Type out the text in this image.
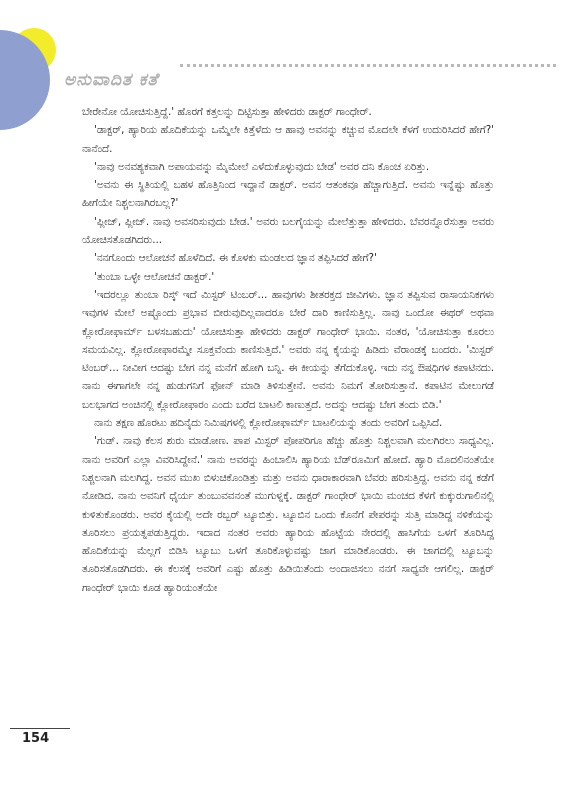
ಅನುವಾದಿತ ಕತೆ

ಬೇರೇನೋ ಯೋಚಿಸುತ್ತಿದ್ದೆ.' ಹೊರಗೆ ಕತ್ತಲನ್ನು ದಿಟ್ಟಿಸುತ್ತಾ ಹೇಳಿದರು ಡಾಕ್ಟರ್ ಗಾಂಧೇರ್.

'ಡಾಕ್ಟರ್, ಹ್ಯಾರಿಯ ಹೊದಿಕೆಯನ್ನು ಒಮ್ಮೆಲೇ ಕಿತ್ತೆಳೆದು ಆ ಹಾವು ಅವನನ್ನು ಕಚ್ಚುವ ಮೊದಲೇ ಕೆಳಗೆ ಉದುರಿಸಿದರೆ ಹೇಗೆ?' ನಾನೆಂದೆ.

'ನಾವು ಅನವಶ್ಯಕವಾಗಿ ಅಪಾಯವನ್ನು ಮೈಮೇಲೆ ಎಳೆದುಕೊಳ್ಳುವುದು ಬೇಡ' ಅವರ ದನಿ ಕೊಂಚ ಏರಿತ್ತು.

'ಅವನು ಈ ಸ್ಥಿತಿಯಲ್ಲಿ ಬಹಳ ಹೊತ್ತಿನಿಂದ ಇದ್ದಾನೆ ಡಾಕ್ಟರ್. ಅವನ ಆತಂಕವೂ ಹೆಚ್ಚಾಗುತ್ತಿದೆ. ಅವನು ಇನ್ನೆಷ್ಟು ಹೊತ್ತು ಹೀಗೆಯೇ ನಿಶ್ಚಲನಾಗಿರಬಲ್ಲ?'

'ಪ್ಲೀಜ್, ಪ್ಲೀಜ್. ನಾವು ಅವಸರಿಸುವುದು ಬೇಡ.' ಅವರು ಬಲಗೈಯನ್ನು ಮೇಲೆತ್ತುತ್ತಾ ಹೇಳಿದರು. ಬೆವರನ್ನೊರೆಸುತ್ತಾ ಅವರು ಯೋಚಿಸತೊಡಗಿದರು...

'ನನಗೊಂದು ಆಲೋಚನೆ ಹೊಳೆದಿದೆ. ಈ ಕೊಳಕು ಮಂಡಲದ ಜ್ಞಾನ ತಪ್ಪಿಸಿದರೆ ಹೇಗೆ?'

'ತುಂಬಾ ಒಳ್ಳೇ ಆಲೋಚನೆ ಡಾಕ್ಟರ್.'

'ಇದರಲ್ಲೂ ತುಂಬಾ ರಿಸ್ಕ್ ಇದೆ ಮಿಸ್ಟರ್ ಟಿಂಬರ್... ಹಾವುಗಳು ಶೀತರಕ್ತದ ಜೀವಿಗಳು. ಜ್ಞಾನ ತಪ್ಪಿಸುವ ರಾಸಾಯನಿಕಗಳು ಇವುಗಳ ಮೇಲೆ ಅಷ್ಟೊಂದು ಪ್ರಭಾವ ಬೀರುವುದಿಲ್ಲವಾದರೂ ಬೇರೆ ದಾರಿ ಕಾಣಿಸುತ್ತಿಲ್ಲ. ನಾವು ಒಂದೋ ಈಥರ್ ಅಥವಾ ಕ್ಲೋರೋಫಾರ್ಮ್ ಬಳಸಬಹುದು' ಯೋಚಿಸುತ್ತಾ ಹೇಳಿದರು ಡಾಕ್ಟರ್ ಗಾಂಧೇರ್ ಭಾಯಿ. ನಂತರ, 'ಯೋಚಿಸುತ್ತಾ ಕೂರಲು ಸಮಯವಿಲ್ಲ. ಕ್ಲೋರೋಫಾರಮ್ಮೇ ಸೂಕ್ತವೆಂದು ಕಾಣಿಸುತ್ತಿದೆ.' ಅವರು ನನ್ನ ಕೈಯನ್ನು ಹಿಡಿದು ವೆರಾಂಡಕ್ಕೆ ಬಂದರು. 'ಮಿಸ್ಟರ್ ಟಿಂಬರ್... ನೀವೀಗ ಆದಷ್ಟು ಬೇಗ ನನ್ನ ಮನೆಗೆ ಹೋಗಿ ಬನ್ನಿ. ಈ ಕೀಯನ್ನು ತೆಗೆದುಕೊಳ್ಳಿ. ಇದು ನನ್ನ ಔಷಧಿಗಳ ಕಪಾಟಿನದು. ನಾನು ಈಗಾಗಲೇ ನನ್ನ ಹುಡುಗನಿಗೆ ಫೋನ್ ಮಾಡಿ ತಿಳಿಸುತ್ತೇನೆ. ಅವನು ನಿಮಗೆ ತೋರಿಸುತ್ತಾನೆ. ಕಪಾಟಿನ ಮೇಲುಗಡೆ ಬಲಭಾಗದ ಅಂಚಿನಲ್ಲಿ ಕ್ಲೋರೋಫಾರಂ ಎಂದು ಬರೆದ ಬಾಟಲಿ ಕಾಣುತ್ತದೆ. ಅದನ್ನು ಆದಷ್ಟು ಬೇಗ ತಂದು ಬಿಡಿ.'

ನಾನು ತಕ್ಷಣ ಹೊರಟು ಹದಿನೈದು ನಿಮಿಷಗಳಲ್ಲಿ ಕ್ಲೋರೋಫಾರ್ಮ್ ಬಾಟಲಿಯನ್ನು ತಂದು ಅವರಿಗೆ ಒಪ್ಪಿಸಿದೆ.

'ಗುಡ್. ನಾವು ಕೆಲಸ ಶುರು ಮಾಡೋಣ. ಪಾಪ ಮಿಸ್ಟರ್ ಪೋಪರಿಗೂ ಹೆಚ್ಚು ಹೊತ್ತು ನಿಶ್ಚಲವಾಗಿ ಮಲಗಿರಲು ಸಾಧ್ಯವಿಲ್ಲ. ನಾನು ಅವರಿಗೆ ಎಲ್ಲಾ ವಿವರಿಸಿದ್ದೇನೆ.' ನಾನು ಅವರನ್ನು ಹಿಂಬಾಲಿಸಿ ಹ್ಯಾರಿಯ ಬೆಡ್‌ರೂಮಿಗೆ ಹೋದೆ. ಹ್ಯಾರಿ ಮೊದಲಿನಂತೆಯೇ ನಿಶ್ಚಲನಾಗಿ ಮಲಗಿದ್ದ. ಅವನ ಮುಖ ಬಿಳುಚಿಕೊಂಡಿತ್ತು ಮತ್ತು ಅವನು ಧಾರಾಕಾರವಾಗಿ ಬೆವರು ಹರಿಸುತ್ತಿದ್ದ. ಅವನು ನನ್ನ ಕಡೆಗೆ ನೋಡಿದ. ನಾನು ಅವನಿಗೆ ಧೈರ್ಯ ತುಂಬುವವನಂತೆ ಮುಗುಳ್ನಕ್ಕೆ. ಡಾಕ್ಟರ್ ಗಾಂಧೇರ್ ಭಾಯಿ ಮಂಚದ ಕೆಳಗೆ ಕುಕ್ಕುರುಗಾಲಿನಲ್ಲಿ ಕುಳಿತುಕೊಂಡರು. ಅವರ ಕೈಯಲ್ಲಿ ಅದೇ ರಬ್ಬರ್ ಟ್ಯೂಬಿತ್ತು. ಟ್ಯೂಬಿನ ಒಂದು ಕೊನೆಗೆ ಪೇಪರನ್ನು ಸುತ್ತಿ ಮಾಡಿದ್ದ ನಳಿಕೆಯನ್ನು ತೂರಿಸಲು ಪ್ರಯತ್ನಪಡುತ್ತಿದ್ದರು. ಇದಾದ ನಂತರ ಅವರು ಹ್ಯಾರಿಯ ಹೊಟ್ಟೆಯ ನೇರದಲ್ಲಿ ಹಾಸಿಗೆಯ ಒಳಗೆ ತೂರಿಸಿದ್ದ ಹೊದಿಕೆಯನ್ನು ಮೆಲ್ಲಗೆ ಬಿಡಿಸಿ ಟ್ಯೂಬು ಒಳಗೆ ತೂರಿಕೊಳ್ಳುವಷ್ಟು ಜಾಗ ಮಾಡಿಕೊಂಡರು. ಈ ಜಾಗದಲ್ಲಿ ಟ್ಯೂಬನ್ನು ತೂರಿಸತೊಡಗಿದರು. ಈ ಕೆಲಸಕ್ಕೆ ಅವರಿಗೆ ಎಷ್ಟು ಹೊತ್ತು ಹಿಡಿಯಿತೆಂದು ಅಂದಾಜಿಸಲು ನನಗೆ ಸಾಧ್ಯವೇ ಆಗಲಿಲ್ಲ. ಡಾಕ್ಟರ್ ಗಾಂಧೇರ್ ಭಾಯಿ ಕೂಡ ಹ್ಯಾರಿಯಂತೆಯೇ

154
